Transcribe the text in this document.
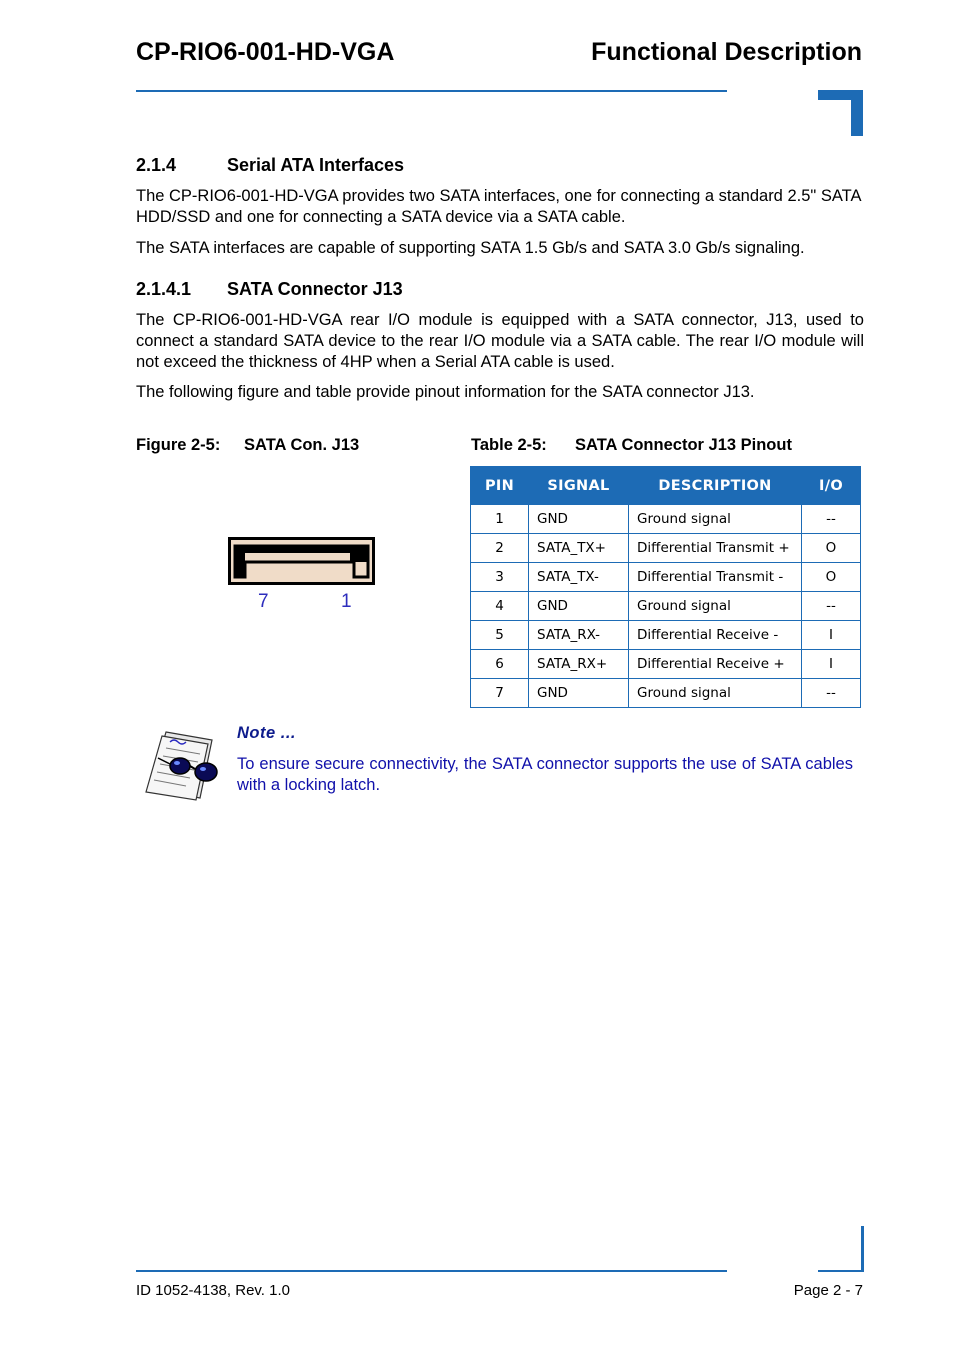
CP-RIO6-001-HD-VGA	Functional Description
2.1.4	Serial ATA Interfaces
The CP-RIO6-001-HD-VGA provides two SATA interfaces, one for connecting a standard 2.5" SATA HDD/SSD and one for connecting a SATA device via a SATA cable.
The SATA interfaces are capable of supporting SATA 1.5 Gb/s and SATA 3.0 Gb/s signaling.
2.1.4.1 SATA Connector J13
The CP-RIO6-001-HD-VGA rear I/O module is equipped with a SATA connector, J13, used to connect a standard SATA device to the rear I/O module via a SATA cable. The rear I/O module will not exceed the thickness of 4HP when a Serial ATA cable is used.
The following figure and table provide pinout information for the SATA connector J13.
Figure 2-5: SATA Con. J13	Table 2-5: SATA Connector J13 Pinout
7	1
PIN	SIGNAL	DESCRIPTION	I/O
1	GND	Ground signal	--
2	SATA_TX+	Differential Transmit +	O
3	SATA_TX-	Differential Transmit -	O
4	GND	Ground signal	--
5	SATA_RX-	Differential Receive -	I
6	SATA_RX+	Differential Receive +	I
7	GND	Ground signal	--
Note ...
To ensure secure connectivity, the SATA connector supports the use of SATA cables with a locking latch.
ID 1052-4138, Rev. 1.0	Page 2 - 7
